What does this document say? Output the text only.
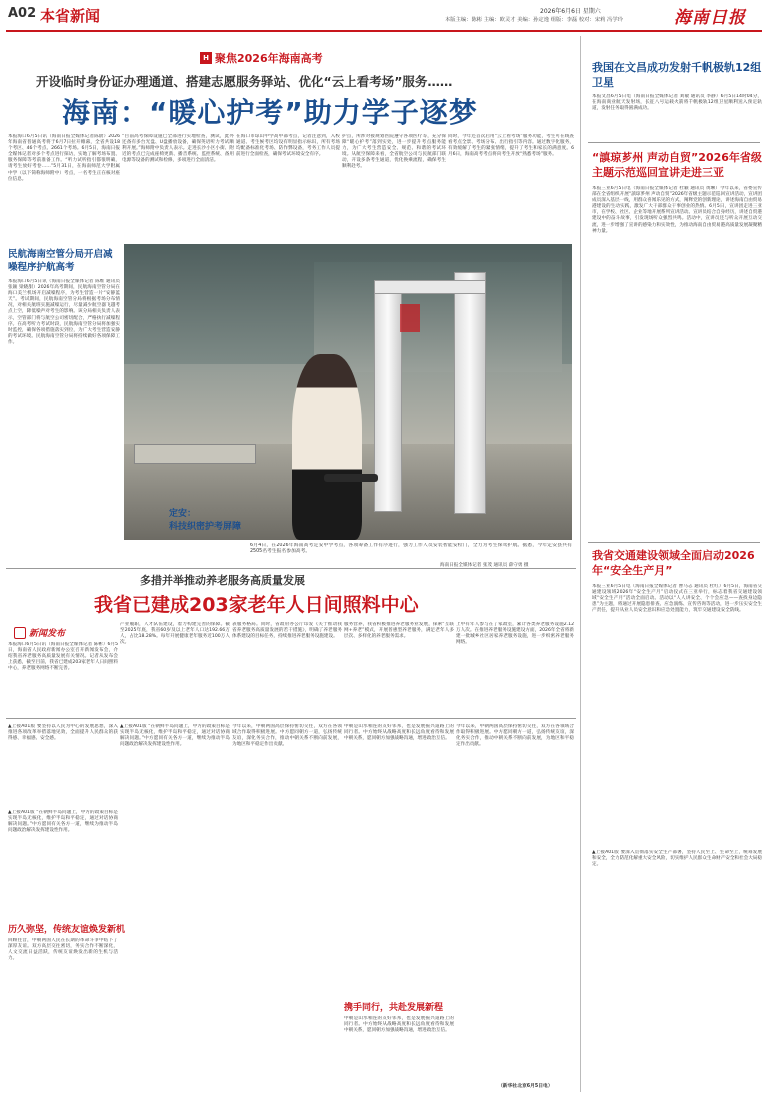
A02 本省新闻	2026年6月6日 星期六
本版主编：陈彬 主编：欧灵才 美编：孙定逸 组版：李磊 校对：宋莉 冯学玲	海南日报
H 聚焦2026年海南高考
开设临时身份证办理通道、搭建志愿服务驿站、优化“云上看考场”服务……
海南：“暖心护考”助力学子逐梦
本报海口6月5日讯（海南日报全媒体记者陈蔚）2026年海南省普通高考将于6月7日拉开帷幕，全省共设18个考区、46个考点、2661个考场。6月5日，海南日报全媒体记者对多个考点进行探访，实地了解考场布置、服务保障等考前准备工作。“听力试听指引都很明确，请考生放好考卷……”5月31日，在海南师范大学附属中学（以下简称海师附中）考点，一名考生正在核对座位信息。
“目前高考保障设施已全部进行实地检查，测试，此外还备有多台光盘、U盘播放设备，确保英语听力考试顺利开展。”海师附中负责人表示。走进长沙小区小街、附近的考点已完成座椅更新、播音系统、监控系统、备用电源等设备的测试和检修，多项进行全面清洁。
在海口市琼山中学高中部考点，记者注意到，入校通道、考生候考区均设有明显指示标识，所有考场均配备标准化考场、防作弊设备，考务工作人员提前进行全面检查，确保考试环境安全有序。
护点，所涉对接规划医院遵守各项医疗等，充分保障“暖心护考”落到实处，进一步提升考点服务能力，为广大考生营造安全、规范、和谐的考试环境。从航空保障来看，全省航空公司与民航部门联动，开设多条考生通道，优化换乘流程，确保考生顺利赴考。
同时，今年还首次启用“云上看考场”服务功能，考生可在线查看考点全景、考场分布、出行指引等内容。通过数字化服务，有效缓解了考生的紧张情绪，提升了考生和家长的满意度。6月6日，海南高考考点将向考生开放“熟悉考场”服务。
民航海南空管分局开启减噪程序护航高考
本报海口6月5日讯（海南日报全媒体记者 陈维 通讯员 张颖 梁晓甜）2026年高考期间，民航海南空管分局在海口美兰机场开启减噪程序，为考生营造一片“安静蓝天”。考试期间，民航海南空管分局将根据考场分布情况，对相关航班实施减噪运行，尽量减少航空器飞越考点上空，降低噪声对考生的影响。该分局相关负责人表示，空管部门将与航空公司密切配合，严格执行减噪程序。在高考听力考试时段，民航海南空管分局将加强实时监控，确保各项措施落实到位，为广大考生营造安静的考试环境。民航海南空管分局将持续做好各项保障工作。
定安：
科技织密护考屏障
6月4日，在2026年海南高考定安中学考点，各项筹备工作有序进行，强力工作人员安装智能安检门，全力为考生保驾护航。据悉，今年定安县共有2505名考生报名参加高考。
海南日报全媒体记者 张茂 通讯员 薛守勇 摄
我国在文昌成功发射千帆极轨12组卫星
本报文昌6月5日电（海南日报全媒体记者 刘敏 通讯员 李静）6月5日14时04分，在海南商业航天发射场，长征八号运载火箭将千帆极轨12组卫星顺利送入预定轨道，发射任务取得圆满成功。
“謓琼芗州 声动自贸”2026年省级主题示范巡回宣讲走进三亚
本报三亚6月5日电（海南日报全媒体记者 杜颖 通讯员 黄琳）今年以来，省委宣传部在全省组织开展“謓琼芗州 声动自贸”2026年省级主题示范巡回宣讲活动，宣讲团成员深入基层一线，用群众喜闻乐见的方式，阐释党的创新理论，讲述海南自由贸易港建设的生动实践，激发广大干部群众干事创业的热情。6月5日，宣讲团走进三亚市，在学校、社区、企业等地开展系列宣讲活动。宣讲员结合自身经历，讲述自贸港建设中的奋斗故事，引发现场听众强烈共鸣。活动中，宣讲员还与听众开展互动交流，进一步增强了宣讲的感染力和实效性，为推动海南自由贸易港高质量发展凝聚精神力量。
我省交通建设领域全面启动2026年“安全生产月”
本报三亚6月5日电（海南日报全媒体记者 曹马志 通讯员 杜红）6月5日，海南省交通建设领域2026年“安全生产月”启动仪式在三亚举行，标志着我省交通建设领域“安全生产月”活动全面启动。活动以“人人讲安全、个个会应急——查找身边隐患”为主题，将通过开展隐患排查、应急演练、宣传咨询等活动，进一步压实安全生产责任，提升从业人员安全意识和应急处置能力，筑牢交通建设安全防线。
▲上接A01版 要深入贯彻落实安全生产部署，坚持人民至上、生命至上，统筹发展和安全，全力防范化解重大安全风险，切实维护人民群众生命财产安全和社会大局稳定。
多措并举推动养老服务高质量发展
我省已建成203家老年人日间照料中心
新闻发布
本报海口6月5日讯（海南日报全媒体记者 陈彬）6月5日，海南省人民政府新闻办公室召开新闻发布会，介绍我省养老服务高质量发展有关情况。记者从发布会上获悉，截至目前，我省已建成203家老年人日间照料中心，养老服务网络不断完善。
产业履职，人才队伍建设，着力构建完善的保障。截至2025年底，我省60岁及以上老年人口达192.66万人，占比18.28%。每年开展健康老年服务近100万人次。
表服务格局。同时，省政府办公厅印发《关于推动我省养老服务高质量发展的若干措施》，明确了养老服务体系建设的目标任务，持续推进养老服务设施建设。
服务营养，我省积极推进养老服务业发展，探索“互联网+养老”模式，开展普惠型养老服务，满足老年人多层次、多样化的养老服务需求。
上中有年人参与在了家政室，累计各类养老服务设施2.12万人次。在推进养老服务设施建设方面，2026年全省将新建一批城乡社区居家养老服务设施，进一步织密养老服务网络。
▲上接A01版 要坚持以人民为中心的发展思想，深入推进各项改革举措落地见效，全面提升人民群众的获得感、幸福感、安全感。
▲上接A01版 “在朝鲜半岛问题上，中方的政策目标是实现半岛无核化，维护半岛和平稳定，通过对话协商解决问题。”中方愿同有关各方一道，继续为推动半岛问题政治解决发挥建设性作用。
历久弥坚，传统友谊焕发新机
回顾往昔，中朝两国人民在长期的革命斗争中结下了深厚友谊。双方高层交往密切，务实合作不断深化，人文交流日益活跃，传统友谊焕发出新的生机与活力。
▲上接A01版 “在朝鲜半岛问题上，中方的政策目标是实现半岛无核化，维护半岛和平稳定，通过对话协商解决问题。”中方愿同有关各方一道，继续为推动半岛问题政治解决发挥建设性作用。
今年以来，中朝两国高层保持密切交往，双方在各领域合作取得积极进展。中方愿同朝方一道，弘扬传统友谊，深化务实合作，推动中朝关系不断向前发展，为地区和平稳定作出贡献。
中朝是山水相连的友好邻邦，也是发展振兴道路上的同行者。中方始终从战略高度和长远角度看待和发展中朝关系，愿同朝方加强战略沟通，增进政治互信。
携手同行，共赴发展新程
中朝是山水相连的友好邻邦，也是发展振兴道路上的同行者。中方始终从战略高度和长远角度看待和发展中朝关系，愿同朝方加强战略沟通，增进政治互信。
今年以来，中朝两国高层保持密切交往，双方在各领域合作取得积极进展。中方愿同朝方一道，弘扬传统友谊，深化务实合作，推动中朝关系不断向前发展，为地区和平稳定作出贡献。
（新华社北京6月5日电）
